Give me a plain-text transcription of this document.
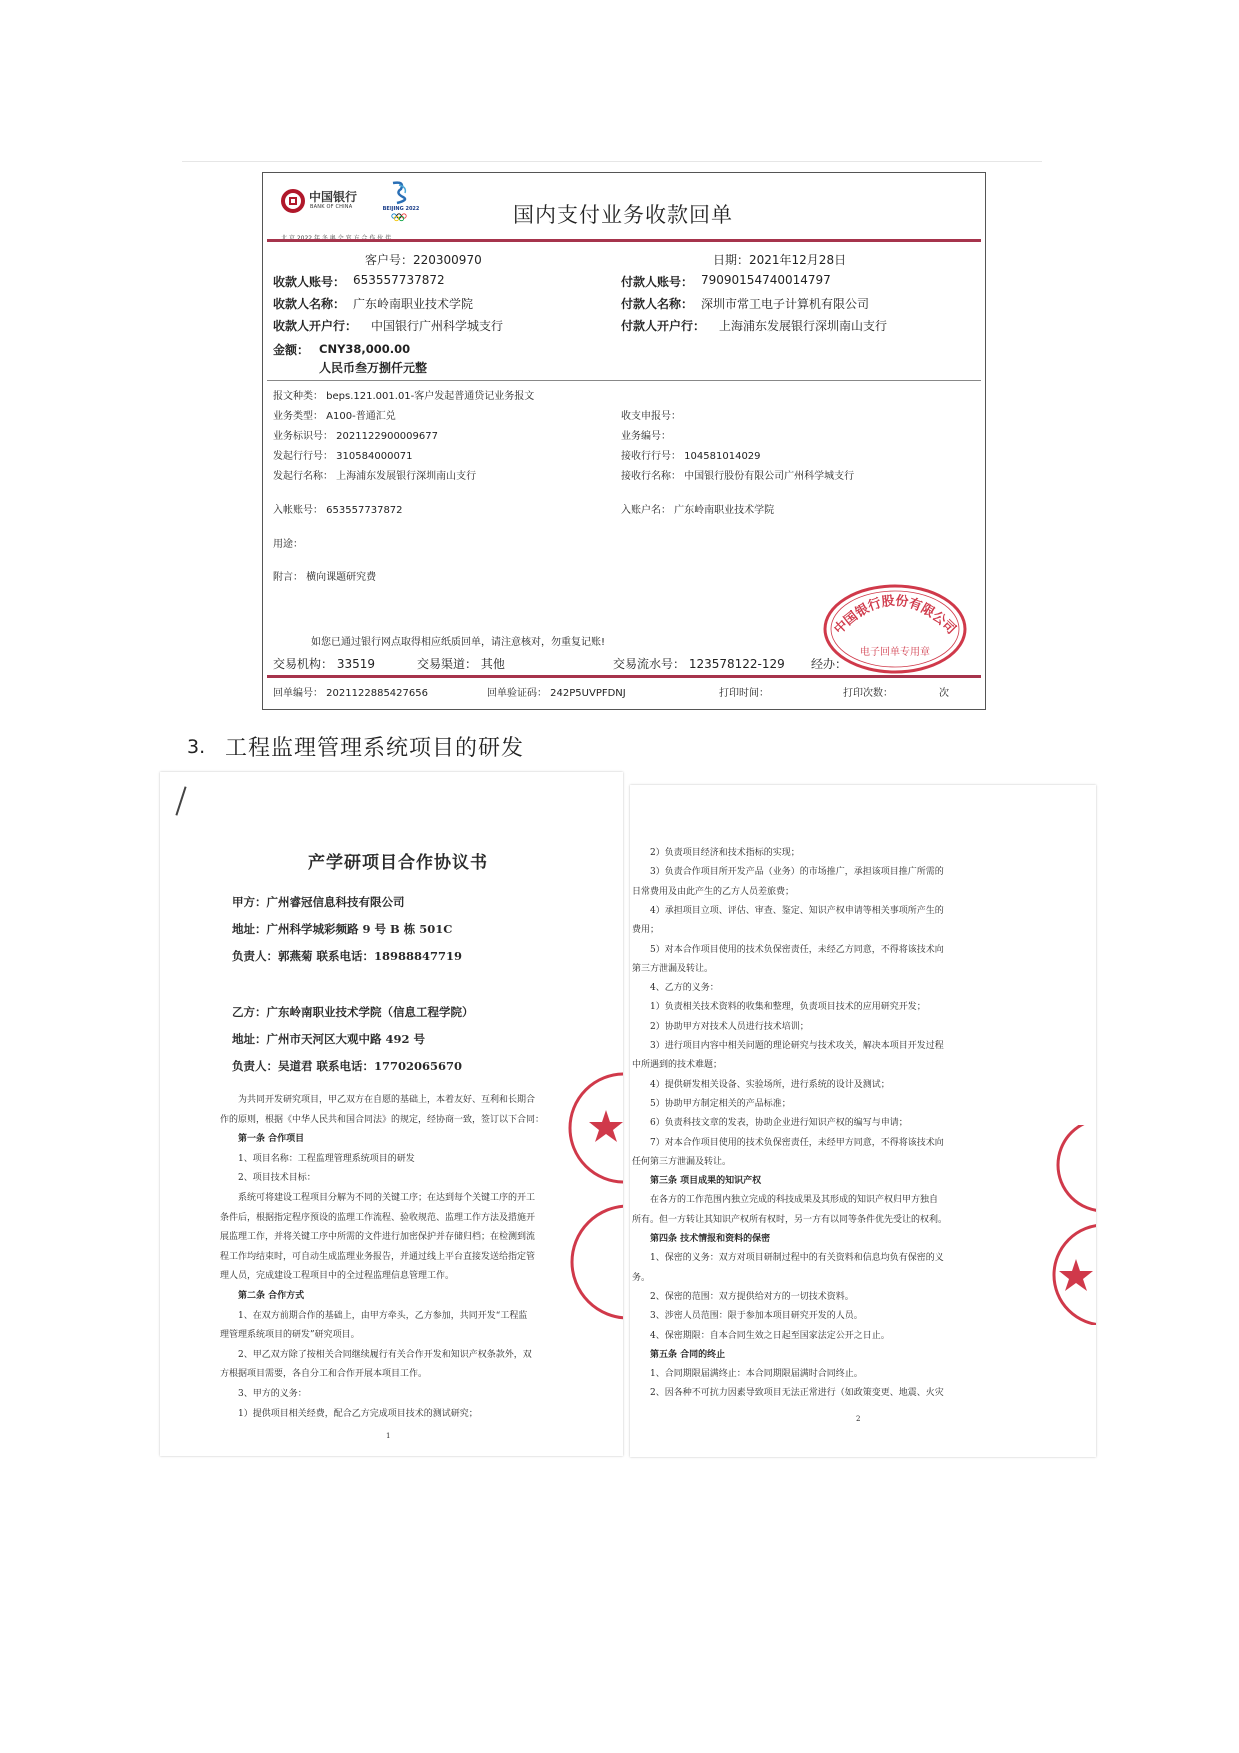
中国银行
BANK OF CHINA	BEIJING 2022	国内支付业务收款回单
客户号：220300970	日期：2021年12月28日
收款人账号： 653557737872
收款人名称： 广东岭南职业技术学院
收款人开户行： 中国银行广州科学城支行
付款人账号： 79090154740014797
付款人名称： 深圳市常工电子计算机有限公司
付款人开户行： 上海浦东发展银行深圳南山支行
金额： CNY38,000.00
人民币叁万捌仟元整
报文种类： beps.121.001.01-客户发起普通贷记业务报文
业务类型： A100-普通汇兑
业务标识号： 2021122900009677
发起行行号： 310584000071
发起行名称： 上海浦东发展银行深圳南山支行
入帐账号： 653557737872
收支申报号：
业务编号：
接收行行号： 104581014029
接收行名称： 中国银行股份有限公司广州科学城支行
入账户名： 广东岭南职业技术学院
用途：
附言： 横向课题研究费
中国银行股份有限公司
电子回单专用章
如您已通过银行网点取得相应纸质回单，请注意核对，勿重复记账!
交易机构： 33519	交易渠道： 其他	交易流水号： 123578122-129 经办：
回单编号： 2021122885427656	回单验证码： 242P5UVPFDNJ	打印时间：	打印次数：	次
3. 工程监理管理系统项目的研发
产学研项目合作协议书
甲方：广州睿冠信息科技有限公司
地址：广州科学城彩频路 9 号 B 栋 501C
负责人：郭燕菊 联系电话：18988847719
乙方：广东岭南职业技术学院（信息工程学院）
地址：广州市天河区大观中路 492 号
负责人：吴道君 联系电话：17702065670
为共同开发研究项目，甲乙双方在自愿的基础上，本着友好、互利和长期合
作的原则，根据《中华人民共和国合同法》的规定，经协商一致，签订以下合同：
第一条 合作项目
1、项目名称：工程监理管理系统项目的研发
2、项目技术目标：
系统可将建设工程项目分解为不同的关键工序；在达到每个关键工序的开工
条件后，根据指定程序预设的监理工作流程、验收规范、监理工作方法及措施开
展监理工作，并将关键工序中所需的文件进行加密保护并存储归档；在检测到流
程工作均结束时，可自动生成监理业务报告，并通过线上平台直接发送给指定管
理人员，完成建设工程项目中的全过程监理信息管理工作。
第二条 合作方式
1、在双方前期合作的基础上，由甲方牵头，乙方参加，共同开发“工程监
理管理系统项目的研发”研究项目。
2、甲乙双方除了按相关合同继续履行有关合作开发和知识产权条款外，双
方根据项目需要，各自分工和合作开展本项目工作。
3、甲方的义务：
1）提供项目相关经费，配合乙方完成项目技术的测试研究；
1
2）负责项目经济和技术指标的实现；
3）负责合作项目所开发产品（业务）的市场推广，承担该项目推广所需的
日常费用及由此产生的乙方人员差旅费；
4）承担项目立项、评估、审查、鉴定、知识产权申请等相关事项所产生的
费用；
5）对本合作项目使用的技术负保密责任，未经乙方同意，不得将该技术向
第三方泄漏及转让。
4、乙方的义务：
1）负责相关技术资料的收集和整理，负责项目技术的应用研究开发；
2）协助甲方对技术人员进行技术培训；
3）进行项目内容中相关问题的理论研究与技术攻关，解决本项目开发过程
中所遇到的技术难题；
4）提供研发相关设备、实验场所，进行系统的设计及测试；
5）协助甲方制定相关的产品标准；
6）负责科技文章的发表，协助企业进行知识产权的编写与申请；
7）对本合作项目使用的技术负保密责任，未经甲方同意，不得将该技术向
任何第三方泄漏及转让。
第三条 项目成果的知识产权
在各方的工作范围内独立完成的科技成果及其形成的知识产权归甲方独自
所有。但一方转让其知识产权所有权时，另一方有以同等条件优先受让的权利。
第四条 技术情报和资料的保密
1、保密的义务：双方对项目研制过程中的有关资料和信息均负有保密的义
务。
2、保密的范围：双方提供给对方的一切技术资料。
3、涉密人员范围：限于参加本项目研究开发的人员。
4、保密期限：自本合同生效之日起至国家法定公开之日止。
第五条 合同的终止
1、合同期限届满终止：本合同期限届满时合同终止。
2、因各种不可抗力因素导致项目无法正常进行（如政策变更、地震、火灾
2
